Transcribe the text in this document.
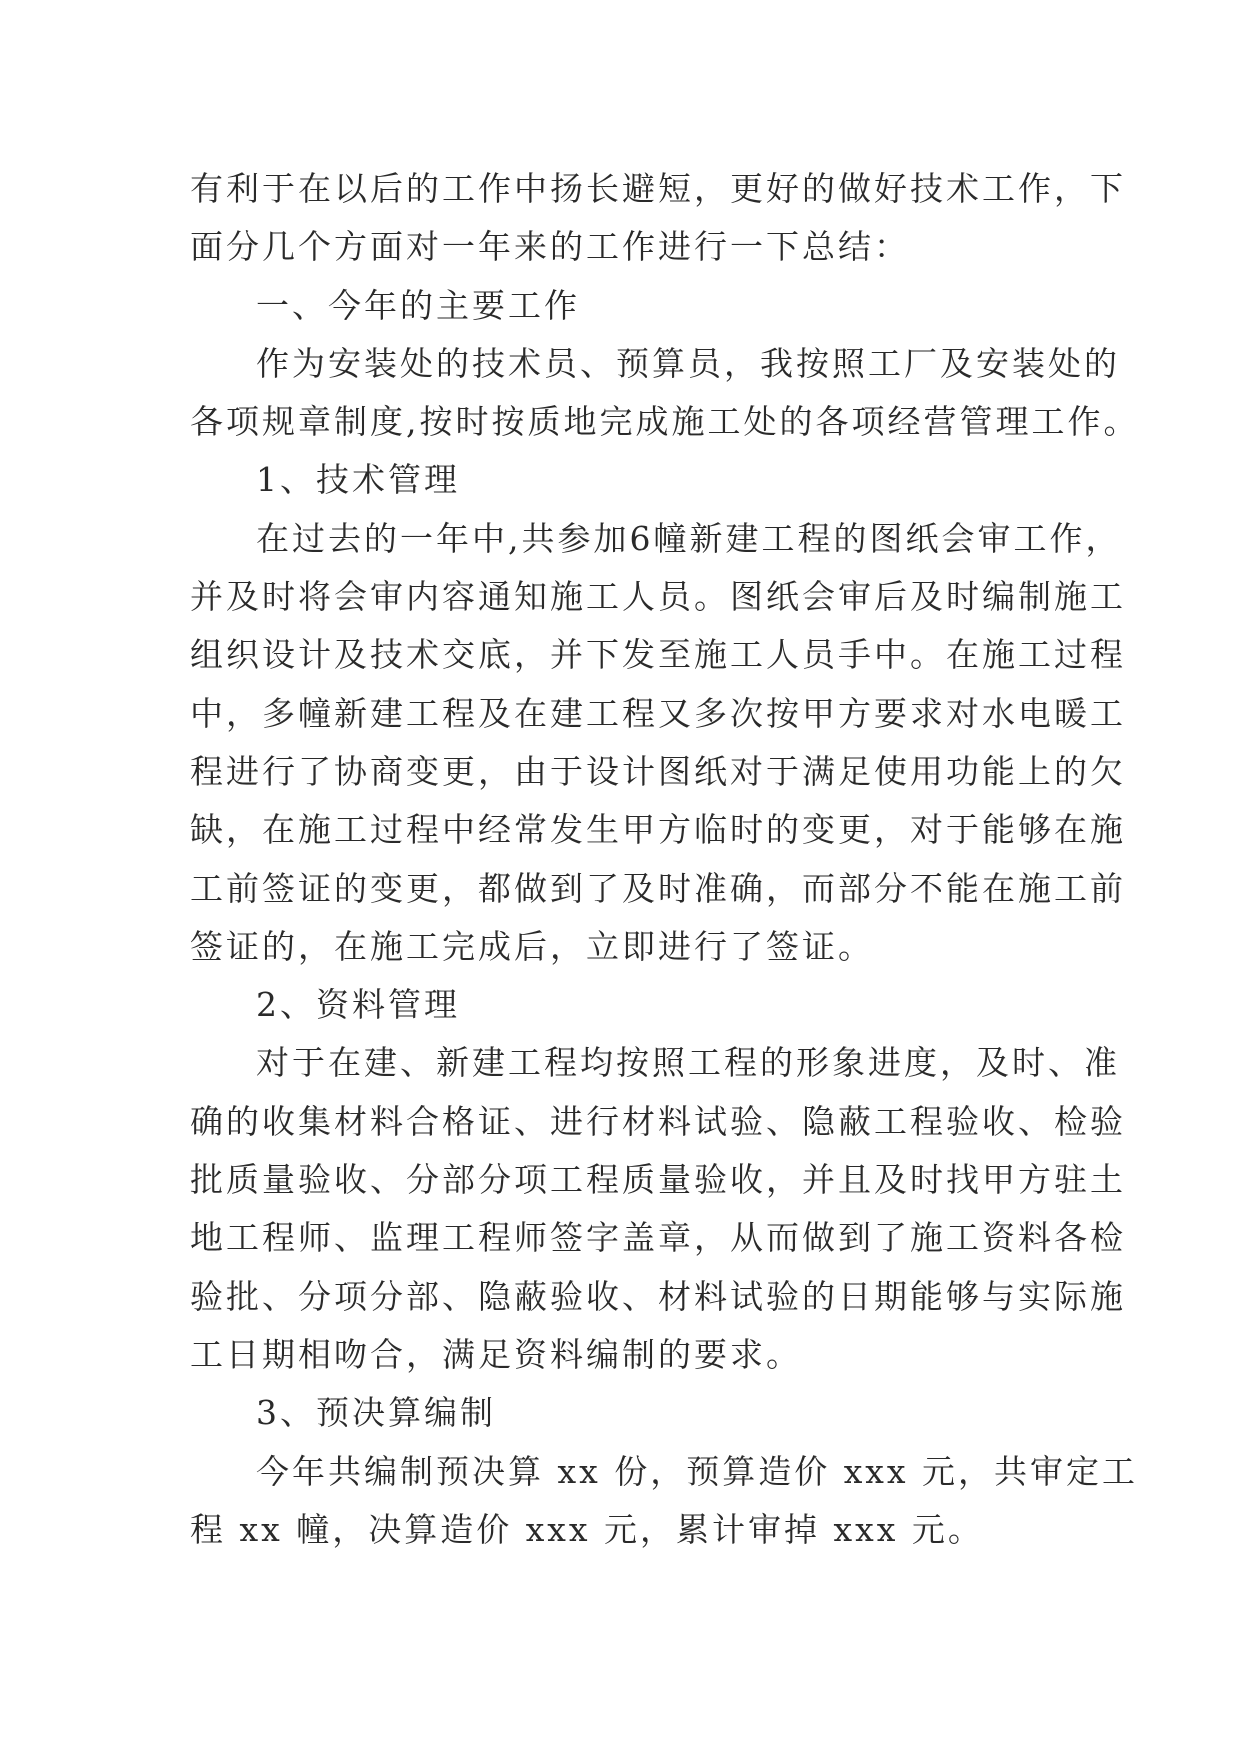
有利于在以后的工作中扬长避短，更好的做好技术工作，下
面分几个方面对一年来的工作进行一下总结：
一、今年的主要工作
作为安装处的技术员、预算员，我按照工厂及安装处的
各项规章制度,按时按质地完成施工处的各项经营管理工作。
1、技术管理
在过去的一年中,共参加6幢新建工程的图纸会审工作，
并及时将会审内容通知施工人员。图纸会审后及时编制施工
组织设计及技术交底，并下发至施工人员手中。在施工过程
中，多幢新建工程及在建工程又多次按甲方要求对水电暖工
程进行了协商变更，由于设计图纸对于满足使用功能上的欠
缺，在施工过程中经常发生甲方临时的变更，对于能够在施
工前签证的变更，都做到了及时准确，而部分不能在施工前
签证的，在施工完成后，立即进行了签证。
2、资料管理
对于在建、新建工程均按照工程的形象进度，及时、准
确的收集材料合格证、进行材料试验、隐蔽工程验收、检验
批质量验收、分部分项工程质量验收，并且及时找甲方驻土
地工程师、监理工程师签字盖章，从而做到了施工资料各检
验批、分项分部、隐蔽验收、材料试验的日期能够与实际施
工日期相吻合，满足资料编制的要求。
3、预决算编制
今年共编制预决算 xx 份，预算造价 xxx 元，共审定工
程 xx 幢，决算造价 xxx 元，累计审掉 xxx 元。
